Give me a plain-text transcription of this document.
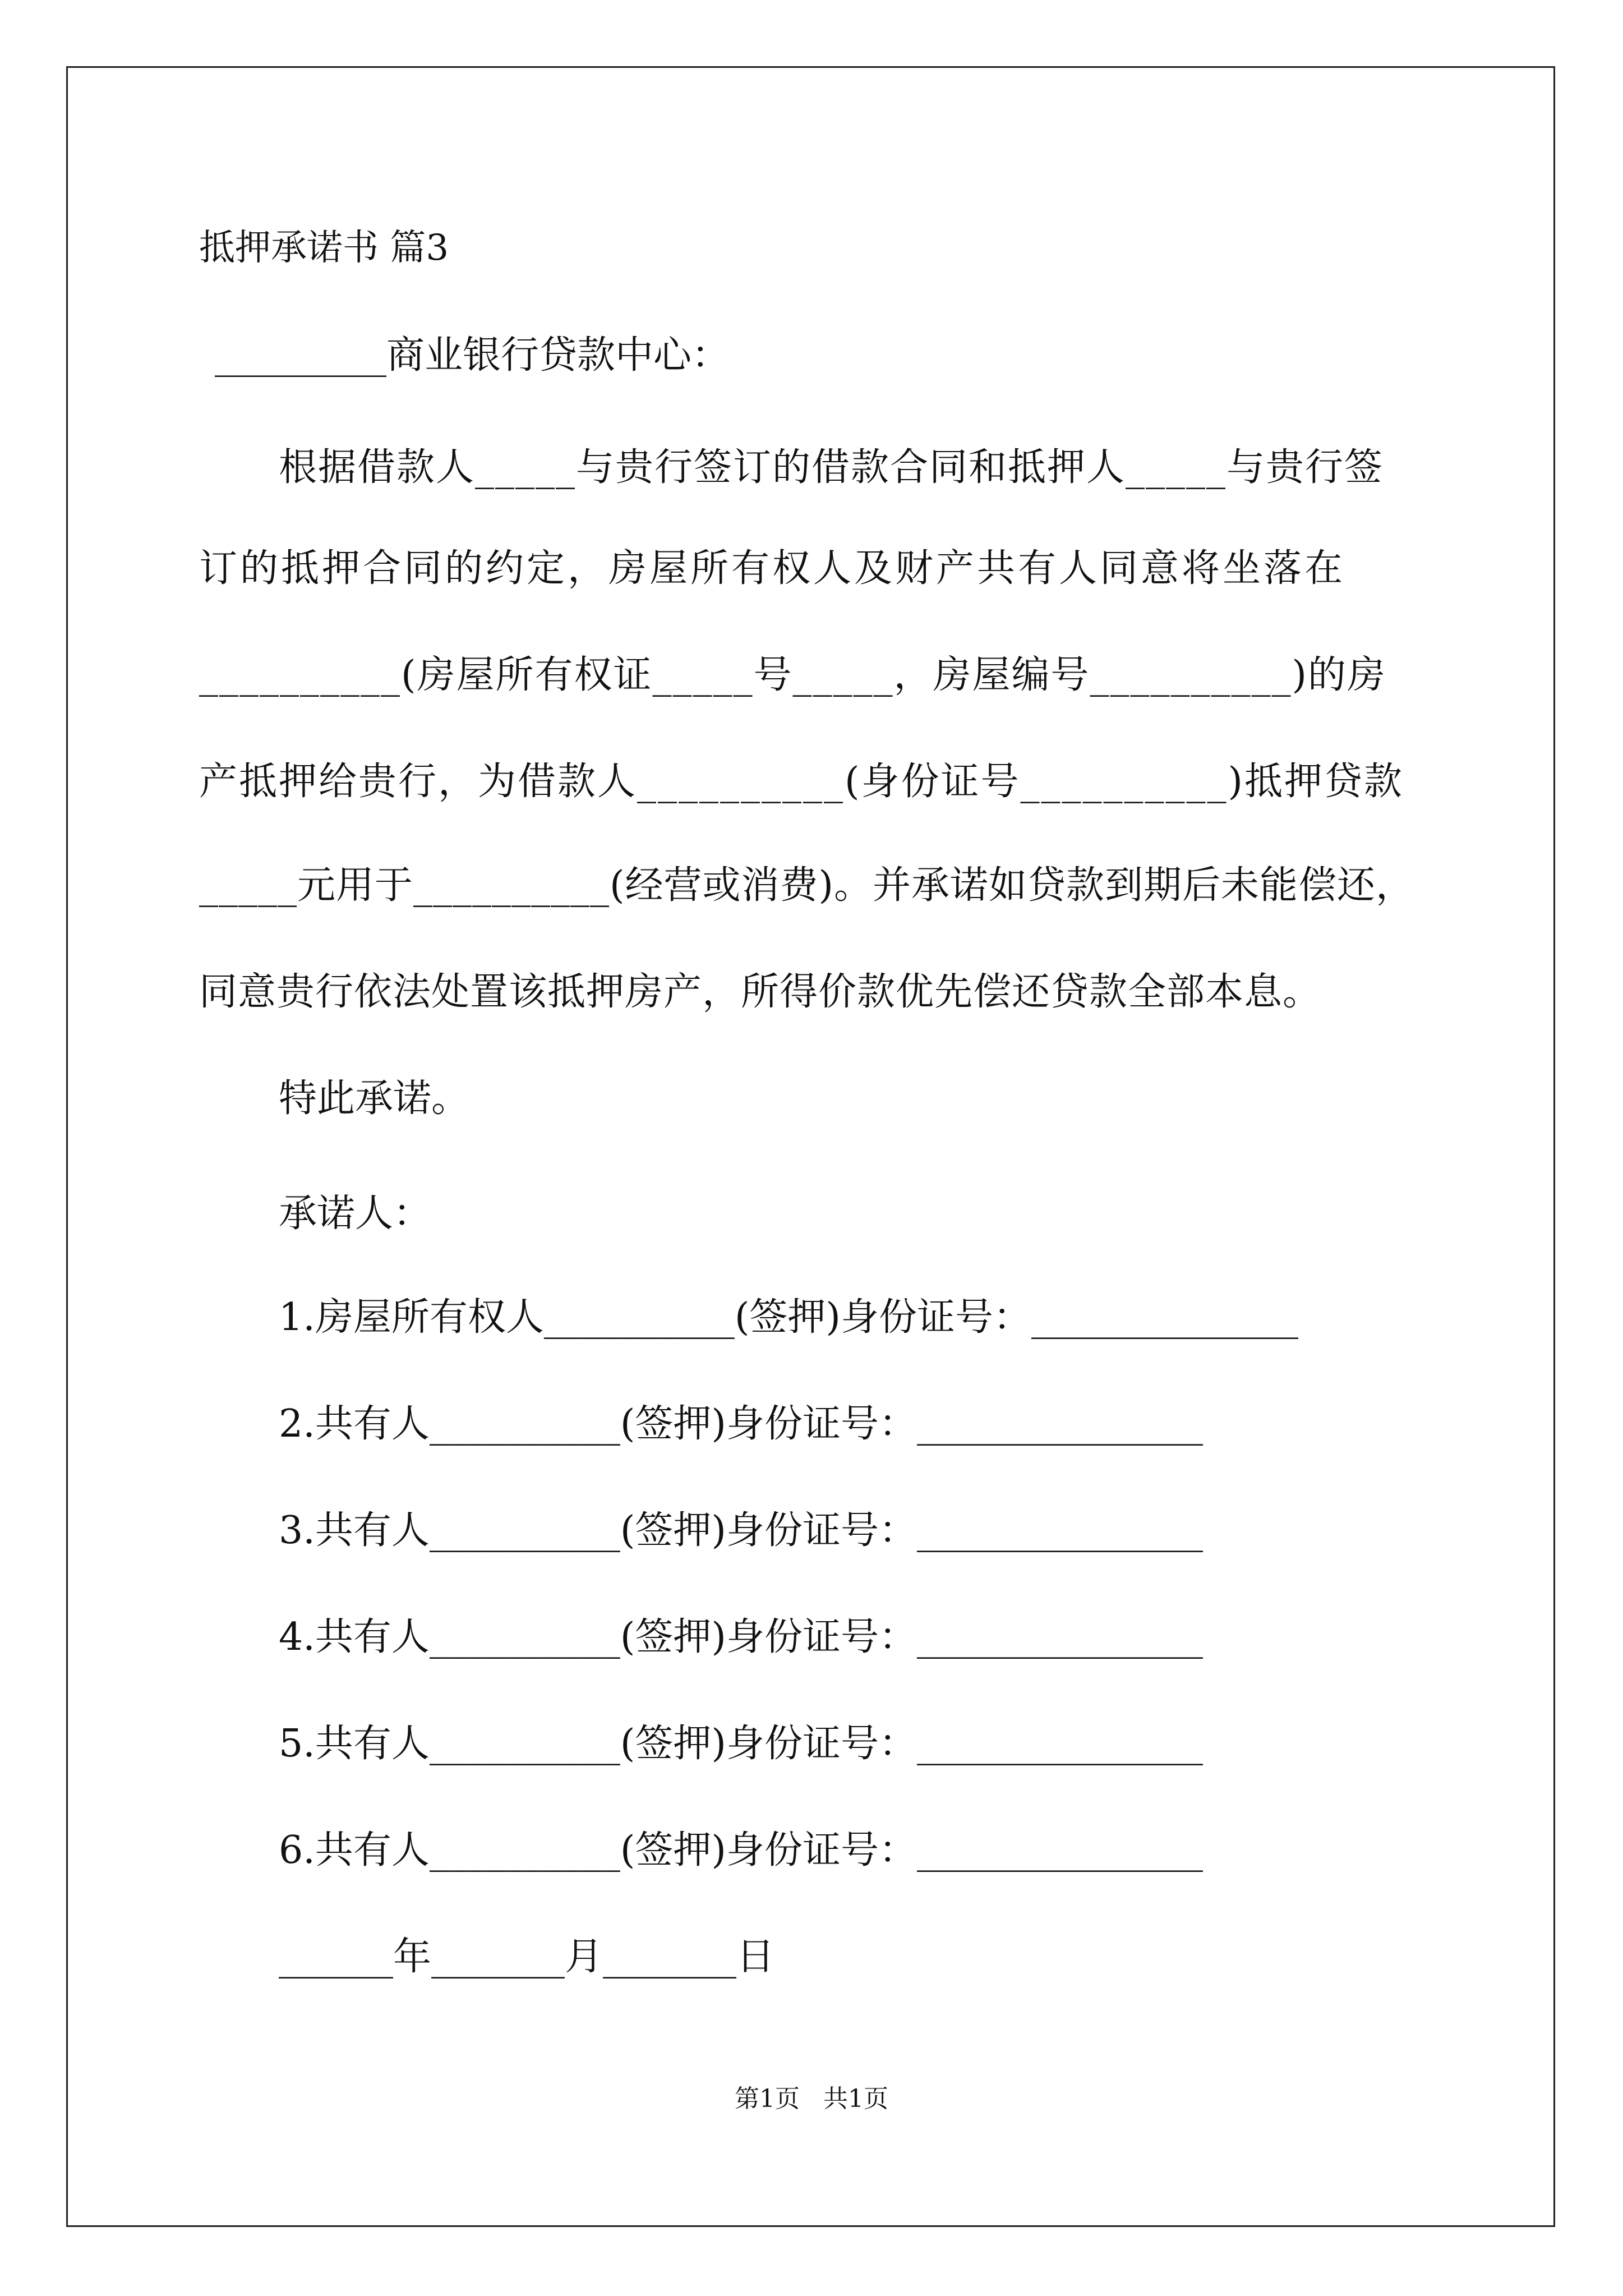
抵押承诺书 篇3
_________商业银行贷款中心：
根据借款人_____与贵行签订的借款合同和抵押人_____与贵行签
订的抵押合同的约定，房屋所有权人及财产共有人同意将坐落在
__________(房屋所有权证_____号_____，房屋编号__________)的房
产抵押给贵行，为借款人__________(身份证号__________)抵押贷款
_____元用于__________(经营或消费)。并承诺如贷款到期后未能偿还，
同意贵行依法处置该抵押房产，所得价款优先偿还贷款全部本息。
特此承诺。
承诺人：
1.房屋所有权人__________(签押)身份证号：______________
2.共有人__________(签押)身份证号：_______________
3.共有人__________(签押)身份证号：_______________
4.共有人__________(签押)身份证号：_______________
5.共有人__________(签押)身份证号：_______________
6.共有人__________(签押)身份证号：_______________
______年_______月_______日
第1页   共1页
